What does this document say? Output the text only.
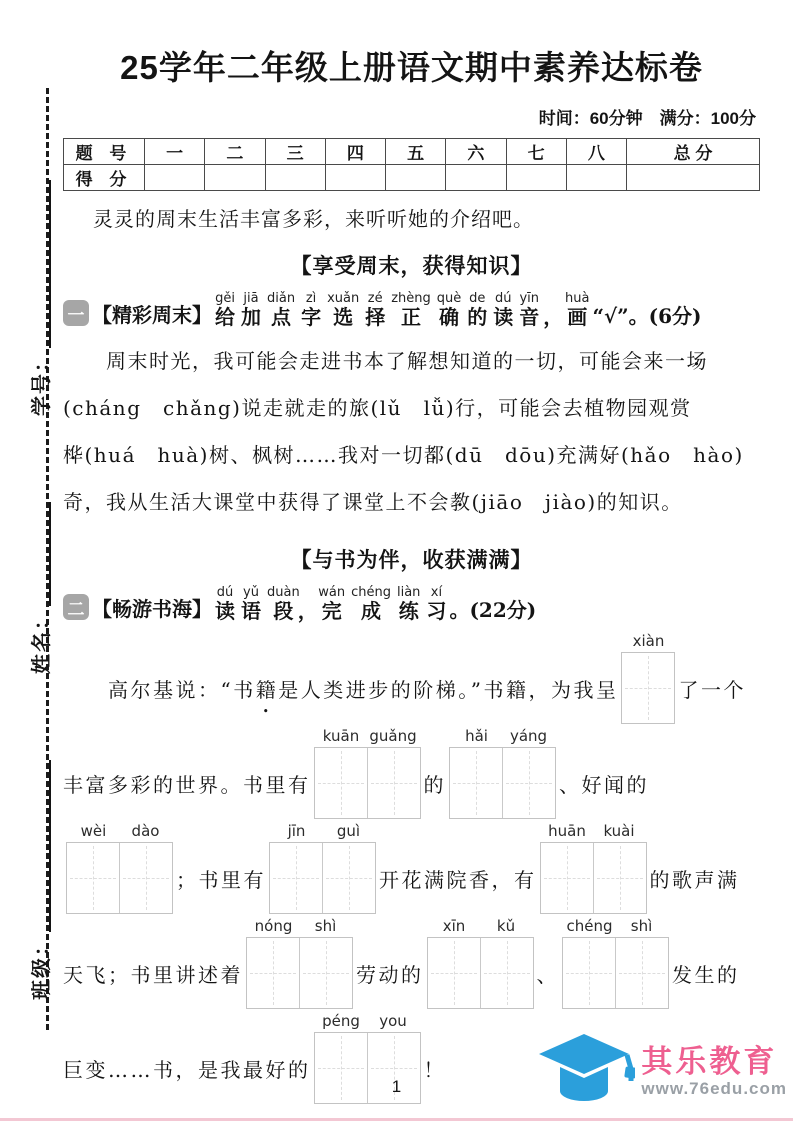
班级：
姓名：
学号：
25学年二年级上册语文期中素养达标卷
时间：60分钟　满分：100分
题 号	一	二	三	四	五	六	七	八	总 分
得 分									
灵灵的周末生活丰富多彩，来听听她的介绍吧。
【享受周末，获得知识】
一 【精彩周末】 给gěi加jiā点diǎn字zì选xuǎn择zé正zhèng确què的de读dú音yīn，画huà
“√”。(6分)
　　周末时光，我可能会走进书本了解想知道的一切，可能会来一场 •
(cháng　chǎng)说走就走的旅 •(lǔ　lǚ)行，可能会去植物园观赏
桦 •(huá　huà)树、枫树……我对一切都 •(dū　dōu)充满好 •(hǎo　hào)
奇，我从生活大课堂中获得了课堂上不会教 •(jiāo　jiào)的知识。
【与书为伴，收获满满】
二 【畅游书海】 读dú语yǔ段duàn，完wán成chéng练liàn习xí
。(22分)
　　高尔基说：“书 籍 • 是人类进步的阶梯。”书籍，为我呈
xiàn
了一个
丰富多彩的世界。书里有
kuān guǎng
的
hǎi	yáng
、好闻的
wèi	dào
；书里有
jīn	guì
开花满院香，有
huān	kuài
的歌声满
天飞；书里讲述着
nóng	shì
劳动的
xīn	kǔ
、
chéng	shì
发生的
巨变……书，是我最好的
péng	you
！
1
其乐教育
www.76edu.com
